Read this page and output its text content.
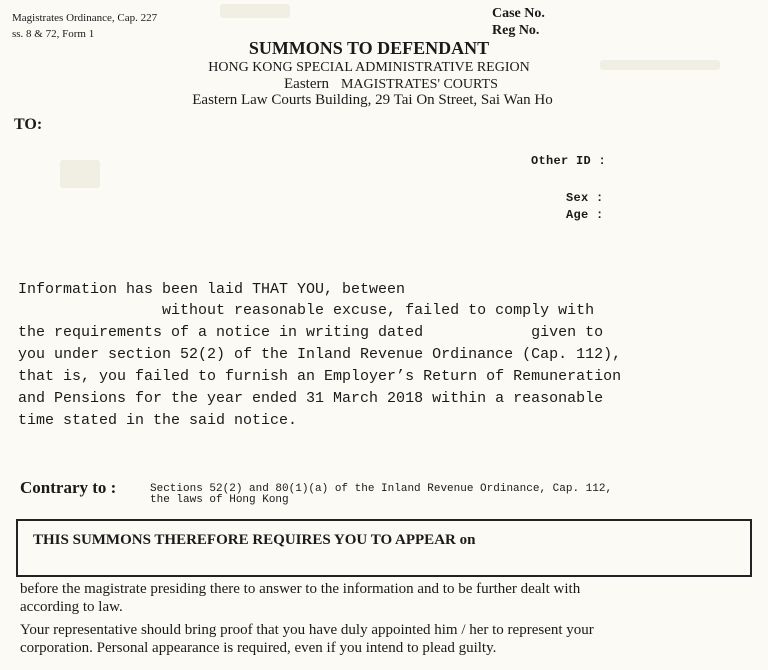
Magistrates Ordinance, Cap. 227
ss. 8 & 72, Form 1
Case No.
Reg No.
SUMMONS TO DEFENDANT
HONG KONG SPECIAL ADMINISTRATIVE REGION
Eastern MAGISTRATES' COURTS
Eastern Law Courts Building, 29 Tai On Street, Sai Wan Ho
TO:
Other ID :
Sex :
Age :
Information has been laid THAT YOU, between
without reasonable excuse, failed to comply with
the requirements of a notice in writing dated            given to
you under section 52(2) of the Inland Revenue Ordinance (Cap. 112),
that is, you failed to furnish an Employer’s Return of Remuneration
and Pensions for the year ended 31 March 2018 within a reasonable
time stated in the said notice.
Contrary to :	Sections 52(2) and 80(1)(a) of the Inland Revenue Ordinance, Cap. 112,
the laws of Hong Kong
THIS SUMMONS THEREFORE REQUIRES YOU TO APPEAR on
before the magistrate presiding there to answer to the information and to be further dealt with
according to law.
Your representative should bring proof that you have duly appointed him / her to represent your
corporation. Personal appearance is required, even if you intend to plead guilty.
